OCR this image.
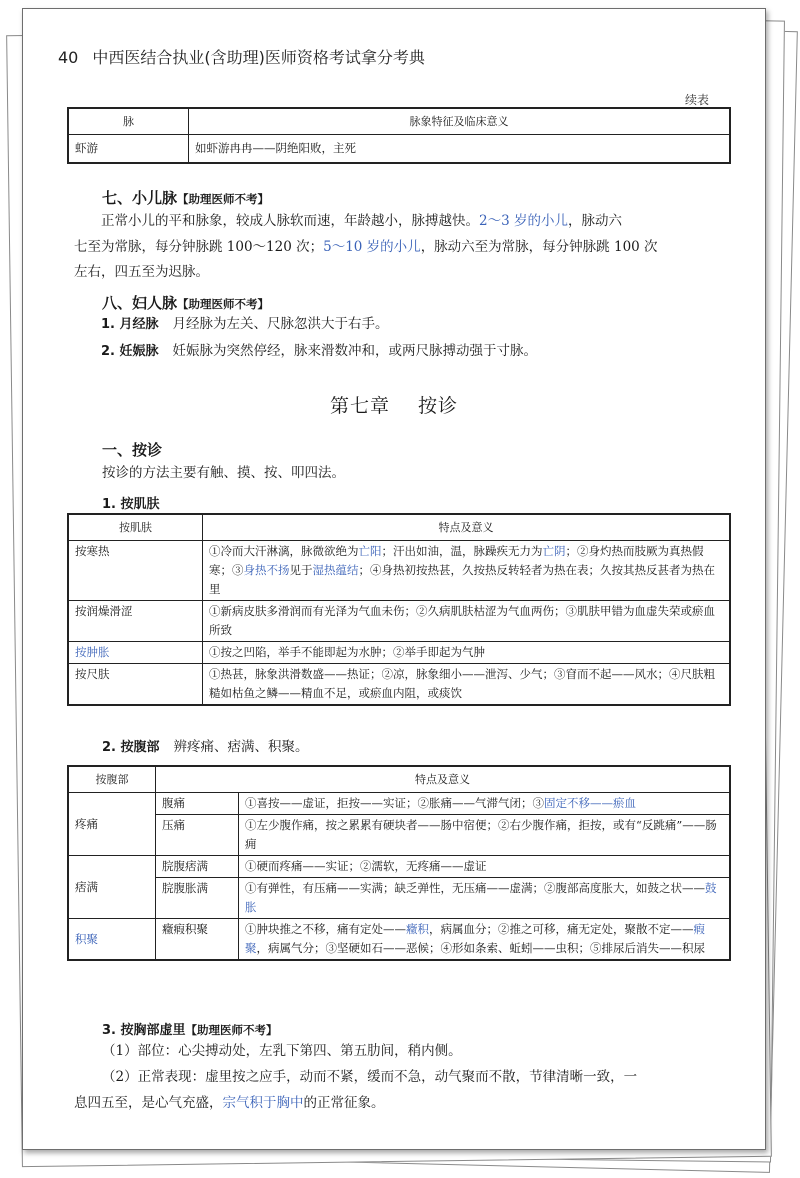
40 中西医结合执业(含助理)医师资格考试拿分考典
续表
脉	脉象特征及临床意义
虾游	如虾游冉冉——阴绝阳败，主死
七、小儿脉【助理医师不考】
正常小儿的平和脉象，较成人脉软而速，年龄越小，脉搏越快。2～3 岁的小儿，脉动六
七至为常脉，每分钟脉跳 100～120 次；5～10 岁的小儿，脉动六至为常脉，每分钟脉跳 100 次
左右，四五至为迟脉。
八、妇人脉【助理医师不考】
1. 月经脉 月经脉为左关、尺脉忽洪大于右手。
2. 妊娠脉 妊娠脉为突然停经，脉来滑数冲和，或两尺脉搏动强于寸脉。
第七章 按诊
一、按诊
按诊的方法主要有触、摸、按、叩四法。
1. 按肌肤
按肌肤	特点及意义
按寒热	①冷而大汗淋漓，脉微欲绝为亡阳；汗出如油，温，脉躁疾无力为亡阴；②身灼热而肢厥为真热假寒；③身热不扬见于湿热蕴结；④身热初按热甚，久按热反转轻者为热在表；久按其热反甚者为热在里
按润燥滑涩	①新病皮肤多滑润而有光泽为气血未伤；②久病肌肤枯涩为气血两伤；③肌肤甲错为血虚失荣或瘀血所致
按肿胀	①按之凹陷，举手不能即起为水肿；②举手即起为气肿
按尺肤	①热甚，脉象洪滑数盛——热证；②凉，脉象细小——泄泻、少气；③窅而不起——风水；④尺肤粗糙如枯鱼之鳞——精血不足，或瘀血内阻，或痰饮
2. 按腹部 辨疼痛、痞满、积聚。
按腹部	特点及意义	
疼痛	腹痛	①喜按——虚证，拒按——实证；②胀痛——气滞气闭；③固定不移——瘀血
	压痛	①左少腹作痛，按之累累有硬块者——肠中宿便；②右少腹作痛，拒按，或有“反跳痛”——肠痈
痞满	脘腹痞满	①硬而疼痛——实证；②濡软，无疼痛——虚证
	脘腹胀满	①有弹性，有压痛——实满；缺乏弹性，无压痛——虚满；②腹部高度胀大，如鼓之状——鼓胀
积聚	癥瘕积聚	①肿块推之不移，痛有定处——癥积，病属血分；②推之可移，痛无定处，聚散不定——瘕聚，病属气分；③坚硬如石——恶候；④形如条索、蚯蚓——虫积；⑤排尿后消失——积尿
3. 按胸部虚里【助理医师不考】
（1）部位：心尖搏动处，左乳下第四、第五肋间，稍内侧。
（2）正常表现：虚里按之应手，动而不紧，缓而不急，动气聚而不散，节律清晰一致，一
息四五至，是心气充盛，宗气积于胸中的正常征象。
